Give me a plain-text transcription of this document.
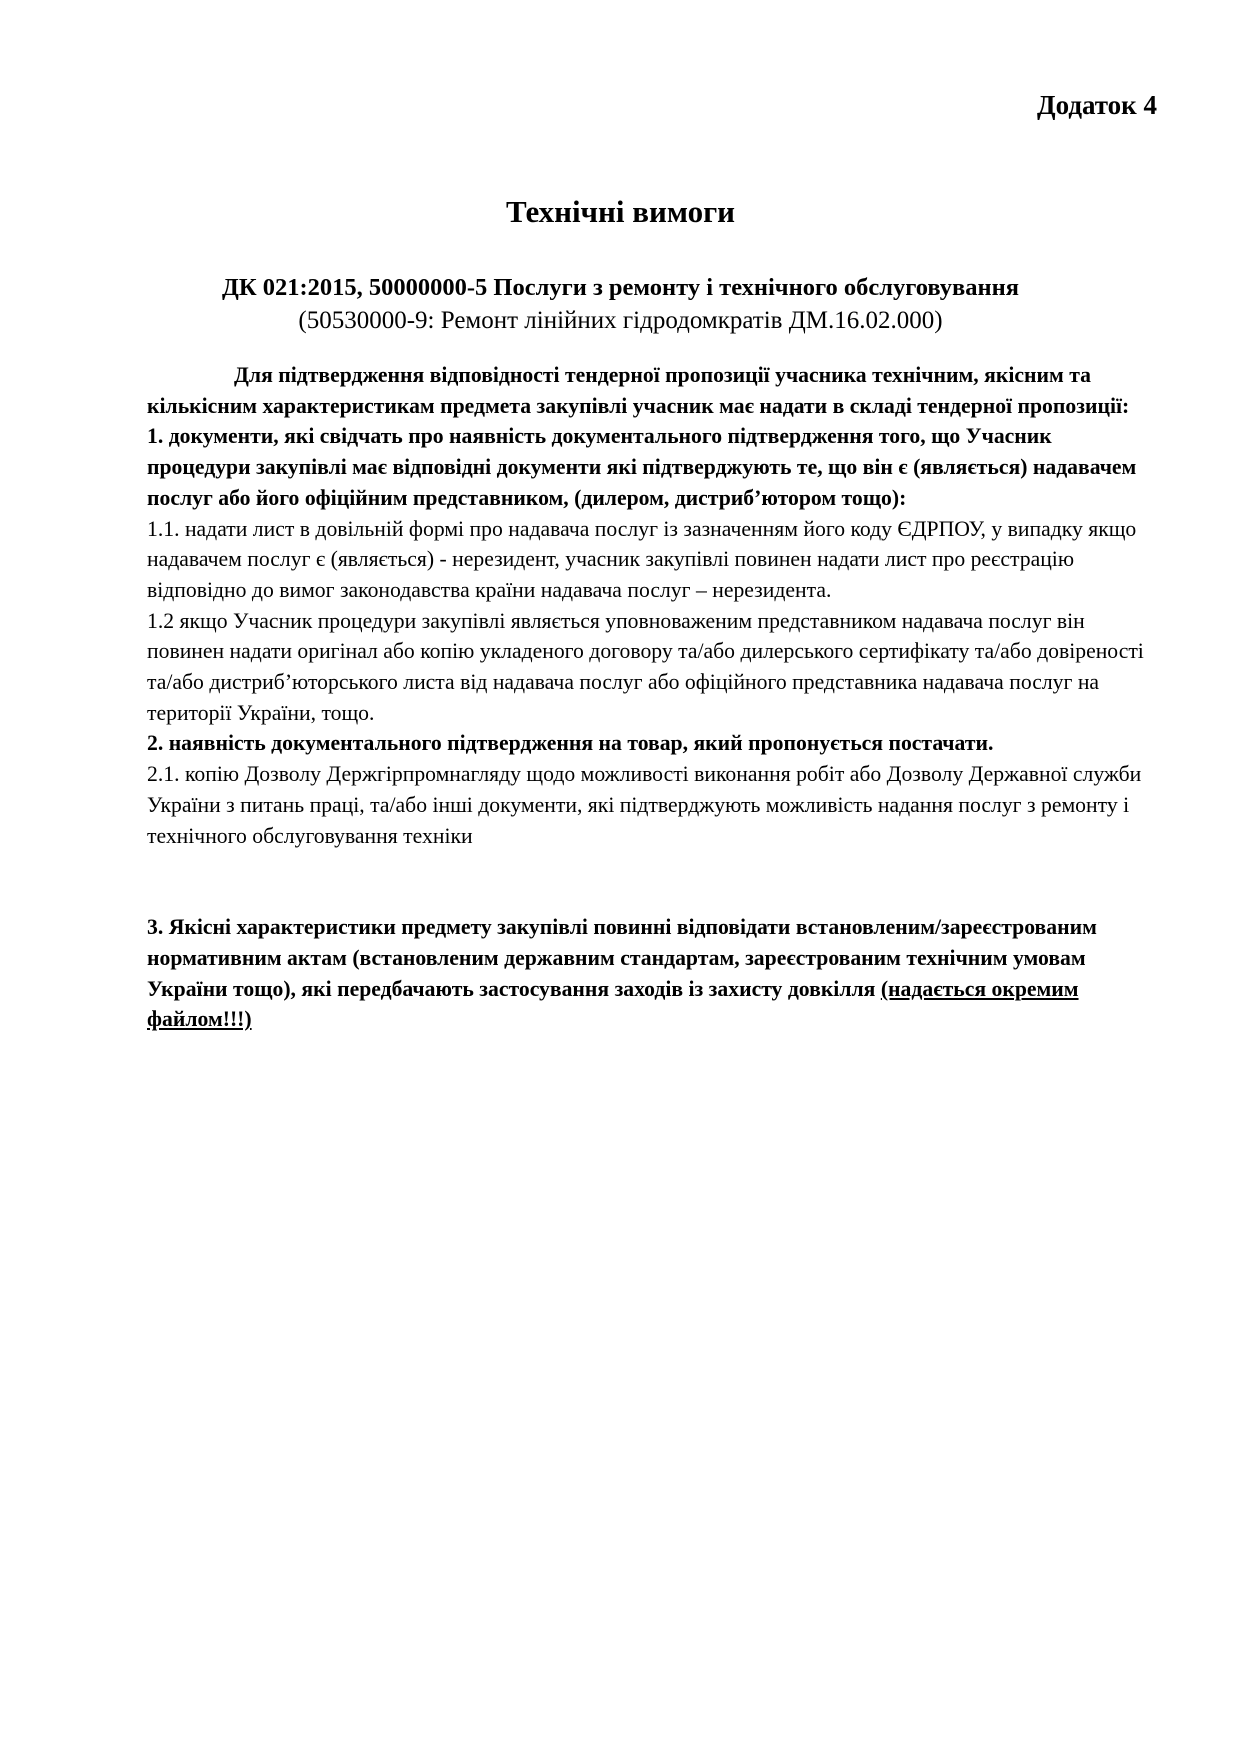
Додаток 4

Технічні вимоги
ДК 021:2015, 50000000-5 Послуги з ремонту і технічного обслуговування
(50530000-9: Ремонт лінійних гідродомкратів ДМ.16.02.000)

Для підтвердження відповідності тендерної пропозиції учасника технічним, якісним та кількісним характеристикам предмета закупівлі учасник має надати в складі тендерної пропозиції:

1. документи, які свідчать про наявність документального підтвердження того, що Учасник процедури закупівлі має відповідні документи які підтверджують те, що він є (являється) надавачем послуг або його офіційним представником, (дилером, дистриб’ютором тощо):

1.1. надати лист в довільній формі про надавача послуг із зазначенням його коду ЄДРПОУ, у випадку якщо надавачем послуг є (являється) - нерезидент, учасник закупівлі повинен надати лист про реєстрацію відповідно до вимог законодавства країни надавача послуг – нерезидента.

1.2 якщо Учасник процедури закупівлі являється уповноваженим представником надавача послуг він повинен надати оригінал або копію укладеного договору та/або дилерського сертифікату та/або довіреності та/або дистриб’юторського листа від надавача послуг або офіційного представника надавача послуг на території України, тощо.

2. наявність документального підтвердження на товар, який пропонується постачати.

2.1. копію Дозволу Держгірпромнагляду щодо можливості виконання робіт або Дозволу Державної служби України з питань праці, та/або інші документи, які підтверджують можливість надання послуг з ремонту і технічного обслуговування техніки

3. Якісні характеристики предмету закупівлі повинні відповідати встановленим/зареєстрованим нормативним актам (встановленим державним стандартам, зареєстрованим технічним умовам України тощо), які передбачають застосування заходів із захисту довкілля (надається окремим файлом!!!)
